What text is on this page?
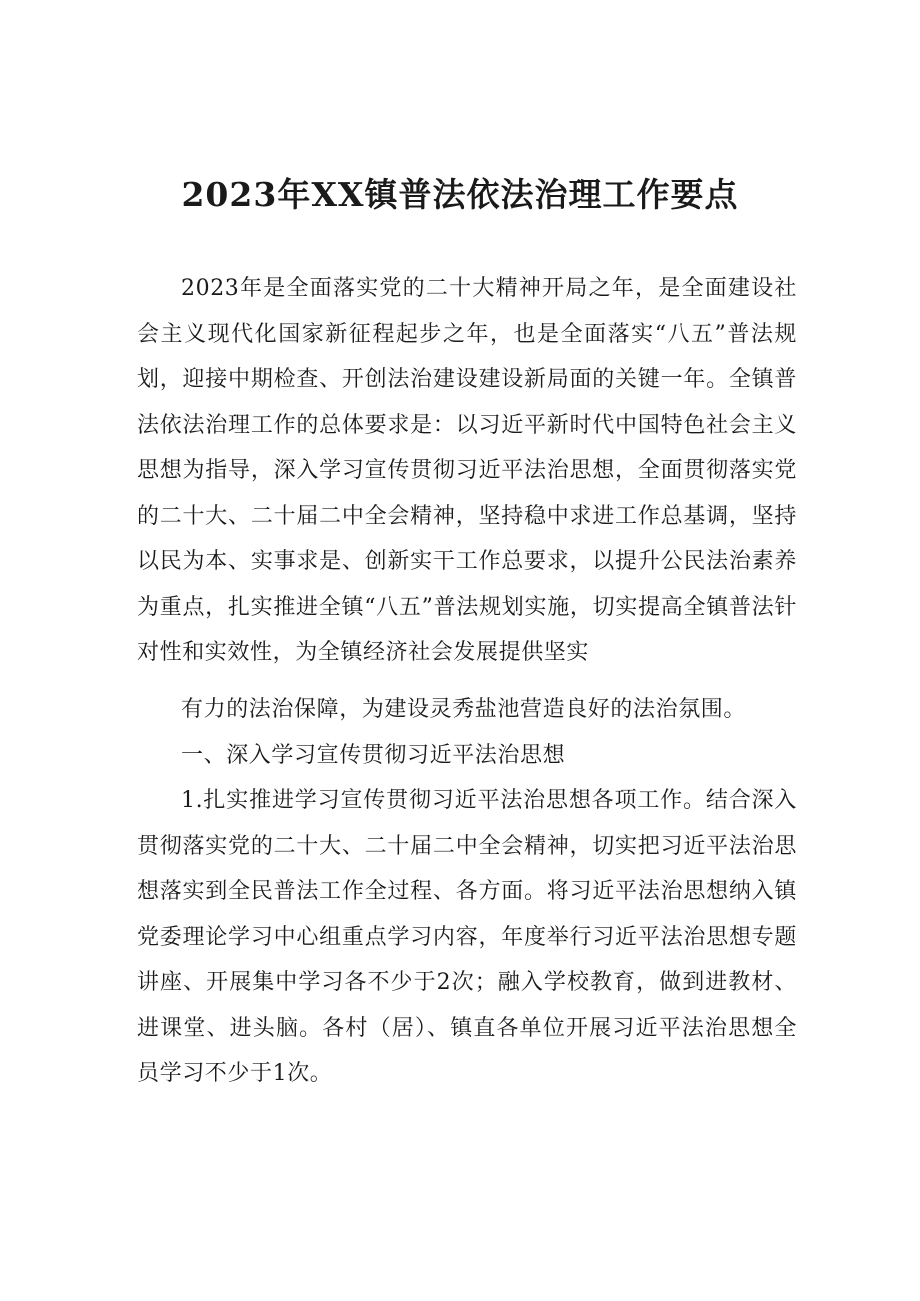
2023年XX镇普法依法治理工作要点

2023年是全面落实党的二十大精神开局之年，是全面建设社会主义现代化国家新征程起步之年，也是全面落实“八五”普法规划，迎接中期检查、开创法治建设建设新局面的关键一年。全镇普法依法治理工作的总体要求是：以习近平新时代中国特色社会主义思想为指导，深入学习宣传贯彻习近平法治思想，全面贯彻落实党的二十大、二十届二中全会精神，坚持稳中求进工作总基调，坚持以民为本、实事求是、创新实干工作总要求，以提升公民法治素养为重点，扎实推进全镇“八五”普法规划实施，切实提高全镇普法针对性和实效性，为全镇经济社会发展提供坚实

有力的法治保障，为建设灵秀盐池营造良好的法治氛围。

一、深入学习宣传贯彻习近平法治思想

1.扎实推进学习宣传贯彻习近平法治思想各项工作。结合深入贯彻落实党的二十大、二十届二中全会精神，切实把习近平法治思想落实到全民普法工作全过程、各方面。将习近平法治思想纳入镇党委理论学习中心组重点学习内容，年度举行习近平法治思想专题讲座、开展集中学习各不少于2次；融入学校教育，做到进教材、进课堂、进头脑。各村（居）、镇直各单位开展习近平法治思想全员学习不少于1次。
